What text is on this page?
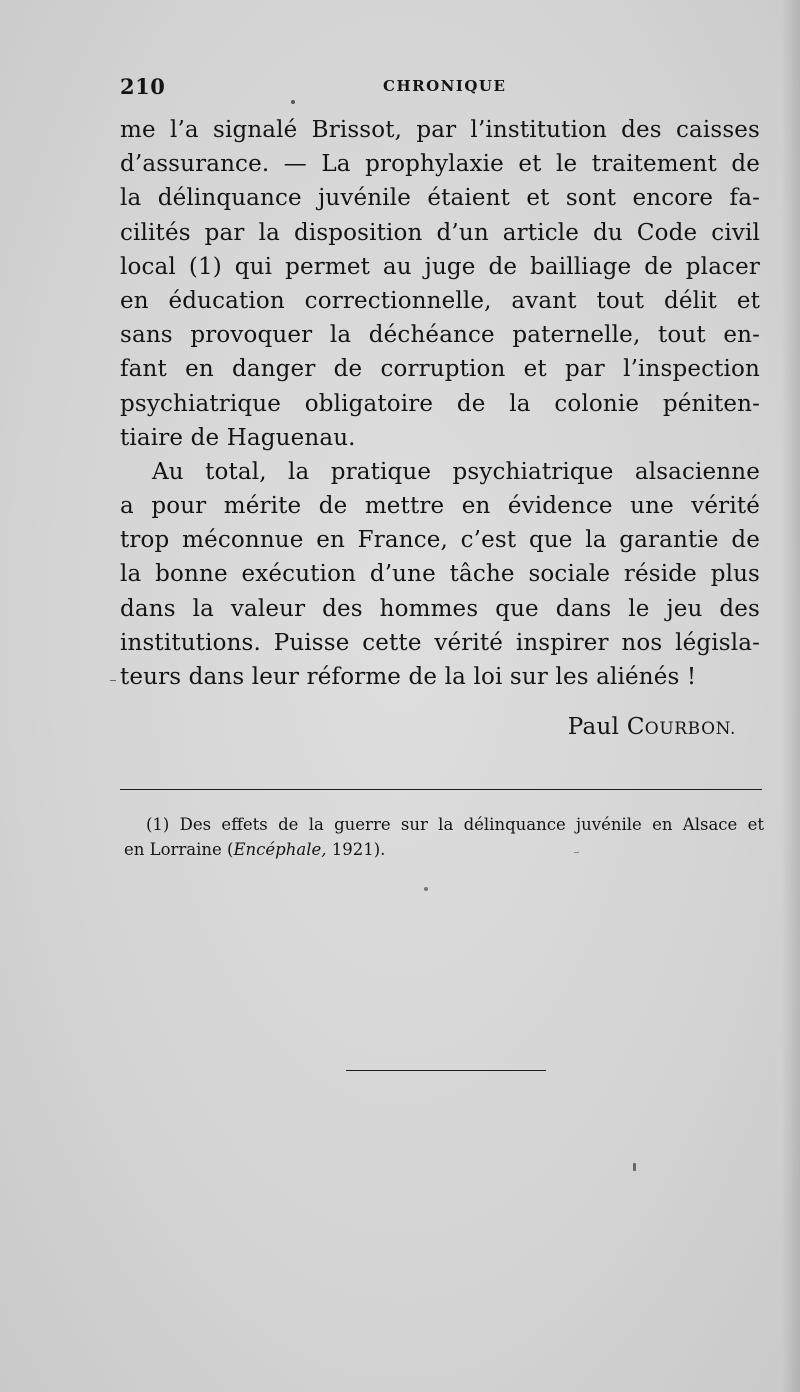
210	CHRONIQUE
me l’a signalé Brissot, par l’institution des caisses
d’assurance. — La prophylaxie et le traitement de
la délinquance juvénile étaient et sont encore fa-
cilités par la disposition d’un article du Code civil
local (1) qui permet au juge de bailliage de placer
en éducation correctionnelle, avant tout délit et
sans provoquer la déchéance paternelle, tout en-
fant en danger de corruption et par l’inspection
psychiatrique obligatoire de la colonie péniten-
tiaire de Haguenau.
Au total, la pratique psychiatrique alsacienne
a pour mérite de mettre en évidence une vérité
trop méconnue en France, c’est que la garantie de
la bonne exécution d’une tâche sociale réside plus
dans la valeur des hommes que dans le jeu des
institutions. Puisse cette vérité inspirer nos législa-
teurs dans leur réforme de la loi sur les aliénés !
Paul COURBON.
(1) Des effets de la guerre sur la délinquance juvénile en Alsace et
en Lorraine (Encéphale, 1921).
